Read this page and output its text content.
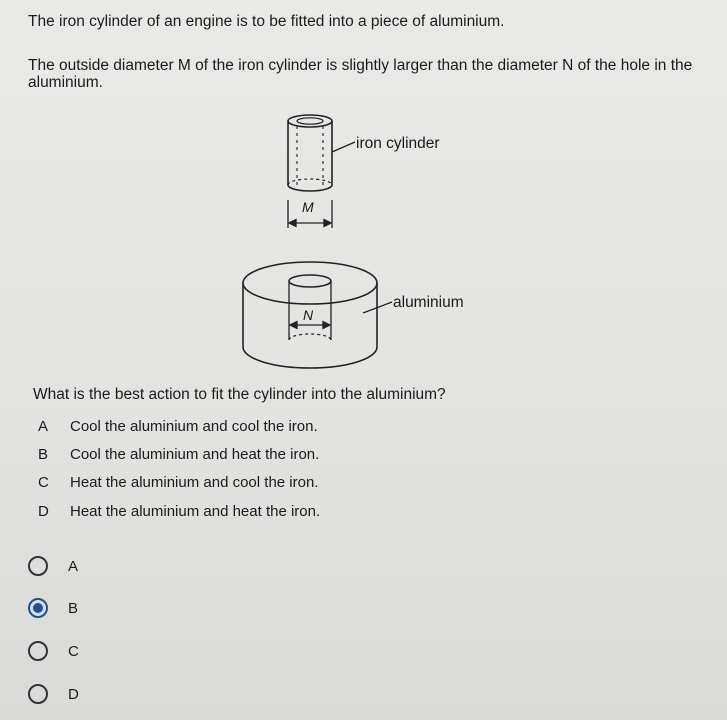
The iron cylinder of an engine is to be fitted into a piece of aluminium.
The outside diameter M of the iron cylinder is slightly larger than the diameter N of the hole in the
aluminium.
iron cylinder
M
aluminium
N
What is the best action to fit the cylinder into the aluminium?
A Cool the aluminium and cool the iron.
B Cool the aluminium and heat the iron.
C Heat the aluminium and cool the iron.
D Heat the aluminium and heat the iron.
A
B
C
D
